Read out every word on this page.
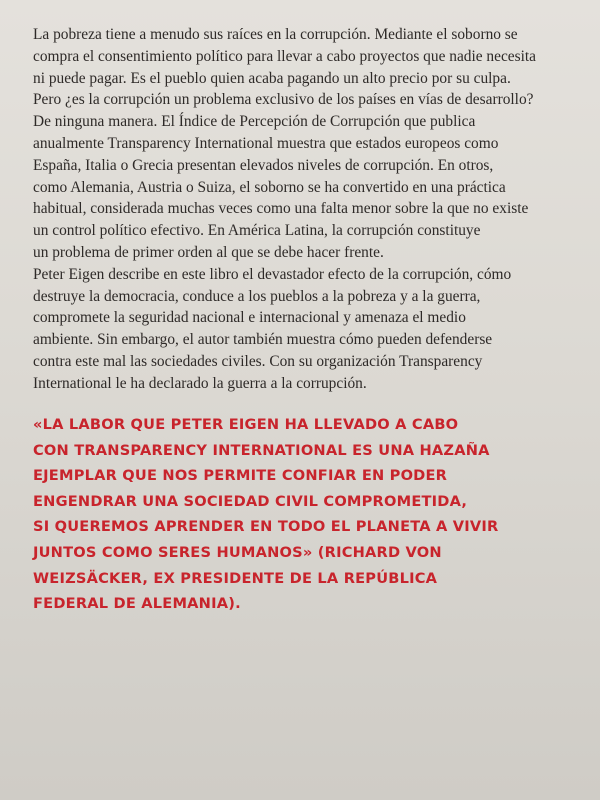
La pobreza tiene a menudo sus raíces en la corrupción. Mediante el soborno se
compra el consentimiento político para llevar a cabo proyectos que nadie necesita
ni puede pagar. Es el pueblo quien acaba pagando un alto precio por su culpa.
Pero ¿es la corrupción un problema exclusivo de los países en vías de desarrollo?
De ninguna manera. El Índice de Percepción de Corrupción que publica
anualmente Transparency International muestra que estados europeos como
España, Italia o Grecia presentan elevados niveles de corrupción. En otros,
como Alemania, Austria o Suiza, el soborno se ha convertido en una práctica
habitual, considerada muchas veces como una falta menor sobre la que no existe
un control político efectivo. En América Latina, la corrupción constituye
un problema de primer orden al que se debe hacer frente.
Peter Eigen describe en este libro el devastador efecto de la corrupción, cómo
destruye la democracia, conduce a los pueblos a la pobreza y a la guerra,
compromete la seguridad nacional e internacional y amenaza el medio
ambiente. Sin embargo, el autor también muestra cómo pueden defenderse
contra este mal las sociedades civiles. Con su organización Transparency
International le ha declarado la guerra a la corrupción.
«LA LABOR QUE PETER EIGEN HA LLEVADO A CABO
CON TRANSPARENCY INTERNATIONAL ES UNA HAZAÑA
EJEMPLAR QUE NOS PERMITE CONFIAR EN PODER
ENGENDRAR UNA SOCIEDAD CIVIL COMPROMETIDA,
SI QUEREMOS APRENDER EN TODO EL PLANETA A VIVIR
JUNTOS COMO SERES HUMANOS» (RICHARD VON
WEIZSÄCKER, EX PRESIDENTE DE LA REPÚBLICA
FEDERAL DE ALEMANIA).
